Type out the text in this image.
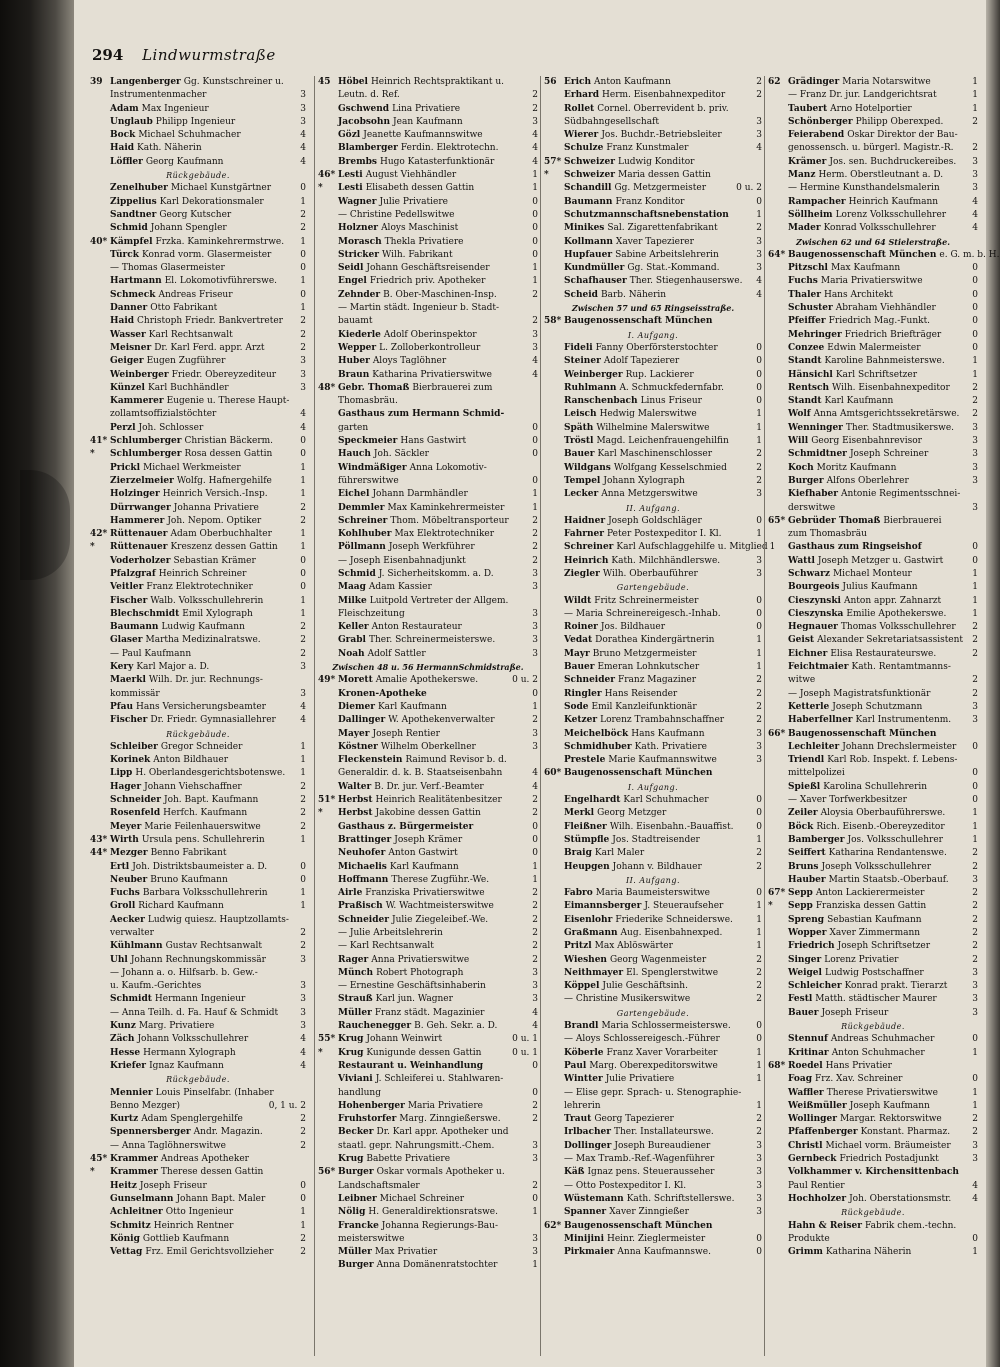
294 Lindwurmstraße
39 Langenberger Gg. Kunstschreiner u.
Instrumentenmacher	3
Adam Max Ingenieur	3
Unglaub Philipp Ingenieur	3
Bock Michael Schuhmacher	4
Haid Kath. Näherin	4
Löffler Georg Kaufmann	4
Rückgebäude.
Zenelhuber Michael Kunstgärtner	0
Zippelius Karl Dekorationsmaler	1
Sandtner Georg Kutscher	2
Schmid Johann Spengler	2
40* Kämpfel Frzka. Kaminkehrermstrwe.	1
Türck Konrad vorm. Glasermeister	0
— Thomas Glasermeister	0
Hartmann El. Lokomotivführerswe.	1
Schmeck Andreas Friseur	0
Danner Otto Fabrikant	1
Haid Christoph Friedr. Bankvertreter	2
Wasser Karl Rechtsanwalt	2
Meisner Dr. Karl Ferd. appr. Arzt	2
Geiger Eugen Zugführer	3
Weinberger Friedr. Obereyzediteur	3
Künzel Karl Buchhändler	3
Kammerer Eugenie u. Therese Haupt-
zollamtsoffizialstöchter	4
Perzl Joh. Schlosser	4
41* Schlumberger Christian Bäckerm.	0
*	Schlumberger Rosa dessen Gattin	0
Prickl Michael Werkmeister	1
Zierzelmeier Wolfg. Hafnergehilfe	1
Holzinger Heinrich Versich.-Insp.	1
Dürrwanger Johanna Privatiere	2
Hammerer Joh. Nepom. Optiker	2
42* Rüttenauer Adam Oberbuchhalter	1
*	Rüttenauer Kreszenz dessen Gattin	1
Voderholzer Sebastian Krämer	0
Pfalzgraf Heinrich Schreiner	0
Veitler Franz Elektrotechniker	0
Fischer Walb. Volksschullehrerin	1
Blechschmidt Emil Xylograph	1
Baumann Ludwig Kaufmann	2
Glaser Martha Medizinalratswe.	2
— Paul Kaufmann	2
Kery Karl Major a. D.	3
Maerkl Wilh. Dr. jur. Rechnungs-
kommissär	3
Pfau Hans Versicherungsbeamter	4
Fischer Dr. Friedr. Gymnasiallehrer	4
Rückgebäude.
Schleiber Gregor Schneider	1
Korinek Anton Bildhauer	1
Lipp H. Oberlandesgerichtsbotenswe.	1
Hager Johann Viehschaffner	2
Schneider Joh. Bapt. Kaufmann	2
Rosenfeld Herfch. Kaufmann	2
Meyer Marie Feilenhauerswitwe	2
43* Wirth Ursula pens. Schullehrerin	1
44* Mezger Benno Fabrikant
Ertl Joh. Distriktsbaumeister a. D.	0
Neuber Bruno Kaufmann	0
Fuchs Barbara Volksschullehrerin	1
Groll Richard Kaufmann	1
Aecker Ludwig quiesz. Hauptzollamts-
verwalter	2
Kühlmann Gustav Rechtsanwalt	2
Uhl Johann Rechnungskommissär	3
— Johann a. o. Hilfsarb. b. Gew.-
u. Kaufm.-Gerichtes	3
Schmidt Hermann Ingenieur	3
— Anna Teilh. d. Fa. Hauf & Schmidt	3
Kunz Marg. Privatiere	3
Zäch Johann Volksschullehrer	4
Hesse Hermann Xylograph	4
Kriefer Ignaz Kaufmann	4
Rückgebäude.
Mennier Louis Pinselfabr. (Inhaber
Benno Mezger)	0, 1 u. 2
Kurtz Adam Spenglergehilfe	2
Spennersberger Andr. Magazin.	2
— Anna Taglöhnerswitwe	2
45* Krammer Andreas Apotheker
*	Krammer Therese dessen Gattin
Heitz Joseph Friseur	0
Gunselmann Johann Bapt. Maler	0
Achleitner Otto Ingenieur	1
Schmitz Heinrich Rentner	1
König Gottlieb Kaufmann	2
Vettag Frz. Emil Gerichtsvollzieher	2
45 Höbel Heinrich Rechtspraktikant u.
Leutn. d. Ref.	2
Gschwend Lina Privatiere	2
Jacobsohn Jean Kaufmann	3
Gözl Jeanette Kaufmannswitwe	4
Blamberger Ferdin. Elektrotechn.	4
Brembs Hugo Katasterfunktionär	4
46* Lesti August Viehhändler	1
*	Lesti Elisabeth dessen Gattin	1
Wagner Julie Privatiere	0
— Christine Pedellswitwe	0
Holzner Aloys Maschinist	0
Morasch Thekla Privatiere	0
Stricker Wilh. Fabrikant	0
Seidl Johann Geschäftsreisender	1
Engel Friedrich priv. Apotheker	1
Zehnder B. Ober-Maschinen-Insp.	2
— Martin städt. Ingenieur b. Stadt-
bauamt	2
Kiederle Adolf Oberinspektor	3
Wepper L. Zolloberkontrolleur	3
Huber Aloys Taglöhner	4
Braun Katharina Privatierswitwe	4
48* Gebr. Thomaß Bierbrauerei zum
Thomasbräu.
Gasthaus zum Hermann Schmid-
garten	0
Speckmeier Hans Gastwirt	0
Hauch Joh. Säckler	0
Windmäßiger Anna Lokomotiv-
führerswitwe	0
Eichel Johann Darmhändler	1
Demmler Max Kaminkehrermeister	1
Schreiner Thom. Möbeltransporteur	2
Kohlhuber Max Elektrotechniker	2
Pöllmann Joseph Werkführer	2
— Joseph Eisenbahnadjunkt	2
Schmid J. Sicherheitskomm. a. D.	3
Maag Adam Kassier	3
Milke Luitpold Vertreter der Allgem.
Fleischzeitung	3
Keller Anton Restaurateur	3
Grabl Ther. Schreinermeisterswe.	3
Noah Adolf Sattler	3
Zwischen 48 u. 56 HermannSchmidstraße.
49* Morett Amalie Apothekerswe.	0 u. 2
Kronen-Apotheke	0
Diemer Karl Kaufmann	1
Dallinger W. Apothekenverwalter	2
Mayer Joseph Rentier	3
Köstner Wilhelm Oberkellner	3
Fleckenstein Raimund Revisor b. d.
Generaldir. d. k. B. Staatseisenbahn	4
Walter B. Dr. jur. Verf.-Beamter	4
51* Herbst Heinrich Realitätenbesitzer	2
*	Herbst Jakobine dessen Gattin	2
Gasthaus z. Bürgermeister	0
Brattinger Joseph Krämer	0
Neuhofer Anton Gastwirt	0
Michaelis Karl Kaufmann	1
Hoffmann Therese Zugführ.-We.	1
Airle Franziska Privatierswitwe	2
Praßisch W. Wachtmeisterswitwe	2
Schneider Julie Ziegeleibef.-We.	2
— Julie Arbeitslehrerin	2
— Karl Rechtsanwalt	2
Rager Anna Privatierswitwe	2
Münch Robert Photograph	3
— Ernestine Geschäftsinhaberin	3
Strauß Karl jun. Wagner	3
Müller Franz städt. Magazinier	4
Rauchenegger B. Geh. Sekr. a. D.	4
55* Krug Johann Weinwirt	0 u. 1
*	Krug Kunigunde dessen Gattin	0 u. 1
Restaurant u. Weinhandlung	0
Viviani J. Schleiferei u. Stahlwaren-
handlung	0
Hohenberger Maria Privatiere	2
Fruhstorfer Marg. Zinngießerswe.	2
Becker Dr. Karl appr. Apotheker und
staatl. gepr. Nahrungsmitt.-Chem.	3
Krug Babette Privatiere	3
56* Burger Oskar vormals Apotheker u.
Landschaftsmaler	2
Leibner Michael Schreiner	0
Nölig H. Generaldirektionsratswe.	1
Francke Johanna Regierungs-Bau-
meisterswitwe	3
Müller Max Privatier	3
Burger Anna Domänenratstochter	1
56 Erich Anton Kaufmann	2
Erhard Herm. Eisenbahnexpeditor	2
Rollet Cornel. Oberrevident b. priv.
Südbahngesellschaft	3
Wierer Jos. Buchdr.-Betriebsleiter	3
Schulze Franz Kunstmaler	4
57* Schweizer Ludwig Konditor
*	Schweizer Maria dessen Gattin
Schandill Gg. Metzgermeister	0 u. 2
Baumann Franz Konditor	0
Schutzmannschaftsnebenstation	1
Minikes Sal. Zigarettenfabrikant	2
Kollmann Xaver Tapezierer	3
Hupfauer Sabine Arbeitslehrerin	3
Kundmüller Gg. Stat.-Kommand.	3
Schafhauser Ther. Stiegenhauserswe.	4
Scheid Barb. Näherin	4
Zwischen 57 und 65 Ringseisstraße.
58* Baugenossenschaft München
I. Aufgang.
Fideli Fanny Oberförsterstochter	0
Steiner Adolf Tapezierer	0
Weinberger Rup. Lackierer	0
Ruhlmann A. Schmuckfedernfabr.	0
Ranschenbach Linus Friseur	0
Leisch Hedwig Malerswitwe	1
Späth Wilhelmine Malerswitwe	1
Tröstl Magd. Leichenfrauengehilfin	1
Bauer Karl Maschinenschlosser	2
Wildgans Wolfgang Kesselschmied	2
Tempel Johann Xylograph	2
Lecker Anna Metzgerswitwe	3
II. Aufgang.
Haidner Joseph Goldschläger	0
Fahrner Peter Postexpeditor I. Kl.	1
Schreiner Karl Aufschlaggehilfe u. Mitglied 1
Heinrich Kath. Milchhändlerswe.	3
Ziegler Wilh. Oberbauführer	3
Gartengebäude.
Wildt Fritz Schreinermeister	0
— Maria Schreinereigesch.-Inhab.	0
Roiner Jos. Bildhauer	0
Vedat Dorathea Kindergärtnerin	1
Mayr Bruno Metzgermeister	1
Bauer Emeran Lohnkutscher	1
Schneider Franz Magaziner	2
Ringler Hans Reisender	2
Sode Emil Kanzleifunktionär	2
Ketzer Lorenz Trambahnschaffner	2
Meichelböck Hans Kaufmann	3
Schmidhuber Kath. Privatiere	3
Prestele Marie Kaufmannswitwe	3
60* Baugenossenschaft München
I. Aufgang.
Engelhardt Karl Schuhmacher	0
Merkl Georg Metzger	0
Fleißner Wilh. Eisenbahn.-Bauaffist.	0
Stümpfle Jos. Stadtreisender	1
Braig Karl Maler	2
Heupgen Johann v. Bildhauer	2
II. Aufgang.
Fabro Maria Baumeisterswitwe	0
Eimannsberger J. Steueraufseher	1
Eisenlohr Friederike Schneiderswe.	1
Graßmann Aug. Eisenbahnexped.	1
Pritzl Max Ablöswärter	1
Wieshen Georg Wagenmeister	2
Neithmayer El. Spenglerstwitwe	2
Köppel Julie Geschäftsinh.	2
— Christine Musikerswitwe	2
Gartengebäude.
Brandl Maria Schlossermeisterswe.	0
— Aloys Schlossereigesch.-Führer	0
Köberle Franz Xaver Vorarbeiter	1
Paul Marg. Oberexpeditorswitwe	1
Wintter Julie Privatiere	1
— Elise gepr. Sprach- u. Stenographie-
lehrerin	1
Traut Georg Tapezierer	2
Irlbacher Ther. Installateurswe.	2
Dollinger Joseph Bureaudiener	3
— Max Tramb.-Ref.-Wagenführer	3
Käß Ignaz pens. Steuerausseher	3
— Otto Postexpeditor I. Kl.	3
Wüstemann Kath. Schriftstellerswe.	3
Spanner Xaver Zinngießer	3
62* Baugenossenschaft München
Minijini Heinr. Zieglermeister	0
Pirkmaier Anna Kaufmannswe.	0
62 Grädinger Maria Notarswitwe	1
— Franz Dr. jur. Landgerichtsrat	1
Taubert Arno Hotelportier	1
Schönberger Philipp Oberexped.	2
Feierabend Oskar Direktor der Bau-
genossensch. u. bürgerl. Magistr.-R.	2
Krämer Jos. sen. Buchdruckereibes.	3
Manz Herm. Oberstleutnant a. D.	3
— Hermine Kunsthandelsmalerin	3
Rampacher Heinrich Kaufmann	4
Söllheim Lorenz Volksschullehrer	4
Mader Konrad Volksschullehrer	4
Zwischen 62 und 64 Stielerstraße.
64* Baugenossenschaft München e. G. m. b. H.
Pitzschl Max Kaufmann	0
Fuchs Maria Privatierswitwe	0
Thaler Hans Architekt	0
Schuster Abraham Viehhändler	0
Pfeiffer Friedrich Mag.-Funkt.	0
Mehringer Friedrich Briefträger	0
Conzee Edwin Malermeister	0
Standt Karoline Bahnmeisterswe.	1
Hänsichl Karl Schriftsetzer	1
Rentsch Wilh. Eisenbahnexpeditor	2
Standt Karl Kaufmann	2
Wolf Anna Amtsgerichtssekretärswe.	2
Wenninger Ther. Stadtmusikerswe.	3
Will Georg Eisenbahnrevisor	3
Schmidtner Joseph Schreiner	3
Koch Moritz Kaufmann	3
Burger Alfons Oberlehrer	3
Kiefhaber Antonie Regimentsschnei-
derswitwe	3
65* Gebrüder Thomaß Bierbrauerei
zum Thomasbräu
Gasthaus zum Ringseishof	0
Wattl Joseph Metzger u. Gastwirt	0
Schwarz Michael Monteur	1
Bourgeois Julius Kaufmann	1
Cieszynski Anton appr. Zahnarzt	1
Cieszynska Emilie Apothekerswe.	1
Hegnauer Thomas Volksschullehrer	2
Geist Alexander Sekretariatsassistent	2
Eichner Elisa Restaurateurswe.	2
Feichtmaier Kath. Rentamtmanns-
witwe	2
— Joseph Magistratsfunktionär	2
Ketterle Joseph Schutzmann	3
Haberfellner Karl Instrumentenm.	3
66* Baugenossenschaft München
Lechleiter Johann Drechslermeister	0
Triendl Karl Rob. Inspekt. f. Lebens-
mittelpolizei	0
Spießl Karolina Schullehrerin	0
— Xaver Torfwerkbesitzer	0
Zeiler Aloysia Oberbauführerswe.	1
Böck Rich. Eisenb.-Obereyzeditor	1
Bamberger Jos. Volksschullehrer	1
Seiffert Katharina Rendantenswe.	2
Bruns Joseph Volksschullehrer	2
Hauber Martin Staatsb.-Oberbauf.	3
67* Sepp Anton Lackierermeister	2
*	Sepp Franziska dessen Gattin	2
Spreng Sebastian Kaufmann	2
Wopper Xaver Zimmermann	2
Friedrich Joseph Schriftsetzer	2
Singer Lorenz Privatier	2
Weigel Ludwig Postschaffner	3
Schleicher Konrad prakt. Tierarzt	3
Festl Matth. städtischer Maurer	3
Bauer Joseph Friseur	3
Rückgebäude.
Stennuf Andreas Schuhmacher	0
Kritinar Anton Schuhmacher	1
68* Roedel Hans Privatier
Foag Frz. Xav. Schreiner	0
Waffler Therese Privatierswitwe	1
Weißmüller Joseph Kaufmann	1
Wollinger Margar. Rektorswitwe	2
Pfaffenberger Konstant. Pharmaz.	2
Christl Michael vorm. Bräumeister	3
Gernbeck Friedrich Postadjunkt	3
Volkhammer v. Kirchensittenbach
Paul Rentier	4
Hochholzer Joh. Oberstationsmstr.	4
Rückgebäude.
Hahn & Reiser Fabrik chem.-techn.
Produkte	0
Grimm Katharina Näherin	1
